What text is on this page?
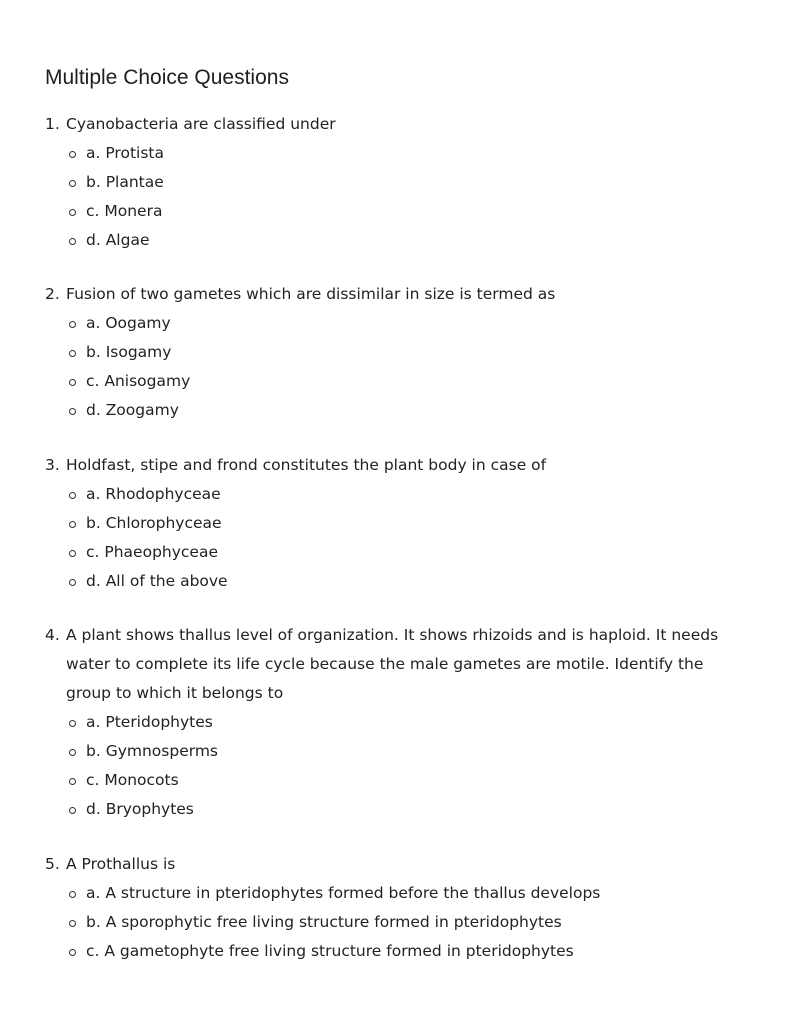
Multiple Choice Questions
1. Cyanobacteria are classified under
a. Protista
b. Plantae
c. Monera
d. Algae
2. Fusion of two gametes which are dissimilar in size is termed as
a. Oogamy
b. Isogamy
c. Anisogamy
d. Zoogamy
3. Holdfast, stipe and frond constitutes the plant body in case of
a. Rhodophyceae
b. Chlorophyceae
c. Phaeophyceae
d. All of the above
4. A plant shows thallus level of organization. It shows rhizoids and is haploid. It needs water to complete its life cycle because the male gametes are motile. Identify the group to which it belongs to
a. Pteridophytes
b. Gymnosperms
c. Monocots
d. Bryophytes
5. A Prothallus is
a. A structure in pteridophytes formed before the thallus develops
b. A sporophytic free living structure formed in pteridophytes
c. A gametophyte free living structure formed in pteridophytes
